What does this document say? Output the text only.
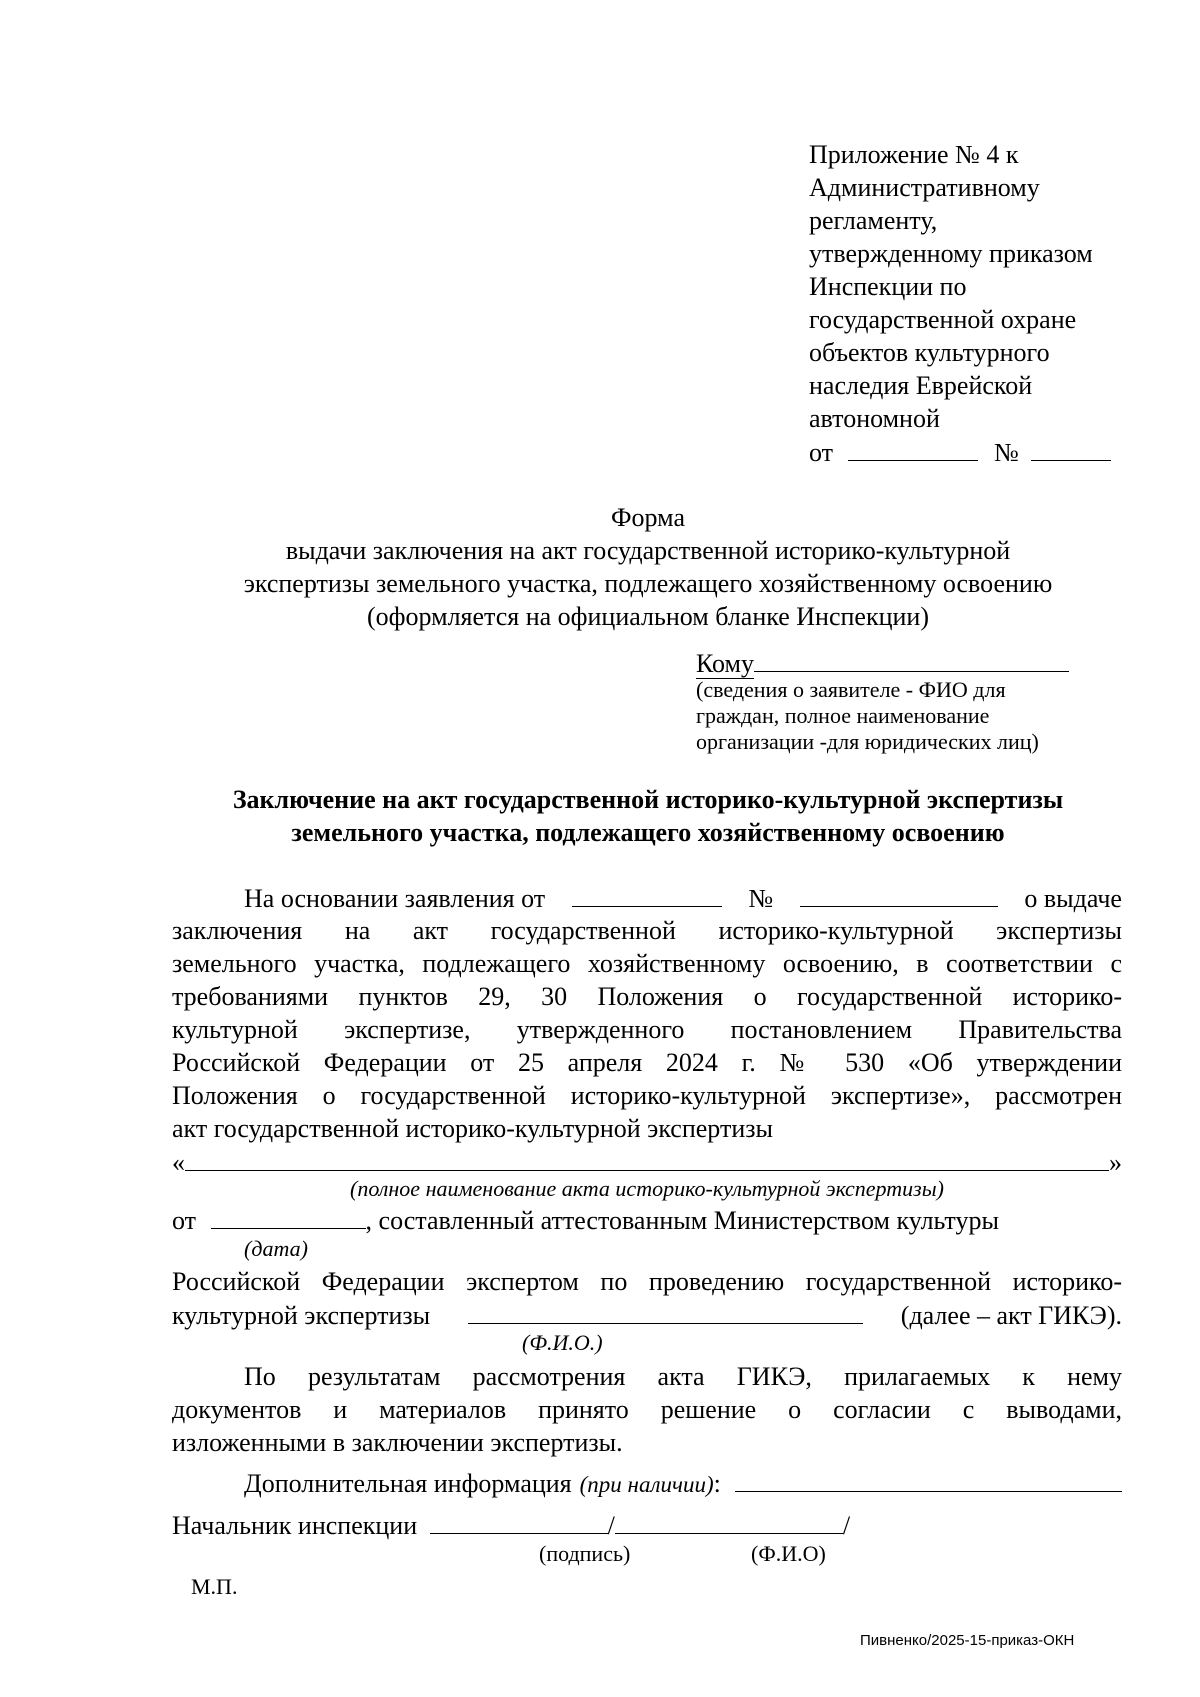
Приложение № 4 к
Административному
регламенту,
утвержденному приказом
Инспекции по
государственной охране
объектов культурного
наследия Еврейской
автономной
от	№
Форма
выдачи заключения на акт государственной историко-культурной
экспертизы земельного участка, подлежащего хозяйственному освоению
(оформляется на официальном бланке Инспекции)
Кому
(сведения о заявителе - ФИО для
граждан, полное наименование
организации -для юридических лиц)
Заключение на акт государственной историко-культурной экспертизы
земельного участка, подлежащего хозяйственному освоению
На основании заявления от	№	о выдаче
заключения на акт государственной историко-культурной экспертизы
земельного участка, подлежащего хозяйственному освоению, в соответствии с
требованиями пунктов 29, 30 Положения о государственной историко-
культурной экспертизе, утвержденного постановлением Правительства
Российской Федерации от 25 апреля 2024 г. № 530 «Об утверждении
Положения о государственной историко-культурной экспертизе», рассмотрен
акт государственной историко-культурной экспертизы
«	»
(полное наименование акта историко-культурной экспертизы)
от	, составленный аттестованным Министерством культуры
(дата)
Российской Федерации экспертом по проведению государственной историко-
культурной экспертизы	(далее – акт ГИКЭ).
(Ф.И.О.)
По результатам рассмотрения акта ГИКЭ, прилагаемых к нему
документов и материалов принято решение о согласии с выводами,
изложенными в заключении экспертизы.
Дополнительная информация (при наличии) :
Начальник инспекции	/	/
(подпись)	(Ф.И.О)
М.П.
Пивненко/2025-15-приказ-ОКН
